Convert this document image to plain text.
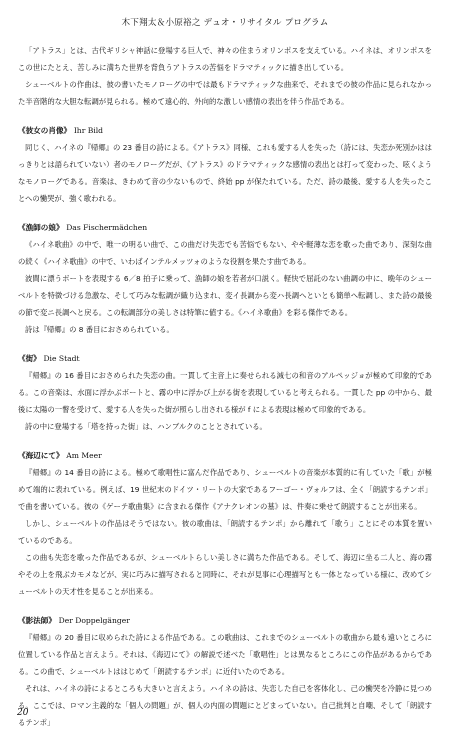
木下翔太＆小原裕之 デュオ・リサイタル プログラム

「アトラス」とは、古代ギリシャ神話に登場する巨人で、神々の住まうオリンポスを支えている。ハイネは、オリンポスをこの世にたとえ、苦しみに満ちた世界を背負うアトラスの苦悩をドラマティックに描き出している。

シューベルトの作曲は、彼の書いたモノローグの中では最もドラマティックな曲来で、それまでの彼の作品に見られなかった半音階的な大胆な転調が見られる。極めて遠心的、外向的な激しい感情の表出を伴う作品である。

《彼女の肖像》 Ihr Bild

同じく、ハイネの『帰郷』の 23 番目の詩による。《アトラス》同様、これも愛する人を失った（詩には、失恋か死別かははっきりとは語られていない）者のモノローグだが、《アトラス》のドラマティックな感情の表出とは打って変わった、呟くようなモノローグである。音楽は、きわめて音の少ないもので、終始 pp が保たれている。ただ、詩の最後、愛する人を失ったことへの慟哭が、強く歌われる。

《漁師の娘》 Das Fischermädchen

《ハイネ歌曲》の中で、唯一の明るい曲で、この曲だけ失恋でも苦悩でもない、やや軽薄な恋を歌った曲であり、深刻な曲の続く《ハイネ歌曲》の中で、いわばインテルメッツォのような役割を果たす曲である。

波間に漂うボートを表現する 6／8 拍子に乗って、漁師の娘を若者が口説く。軽快で屈託のない曲調の中に、晩年のシューベルトを特徴づける急激な、そして巧みな転調が織り込まれ、変イ長調から変ハ長調へといとも簡単へ転調し、また詩の最後の節で変ニ長調へと戻る。この転調部分の美しさは特筆に値する。《ハイネ歌曲》を彩る傑作である。

詩は『帰郷』の 8 番目におさめられている。

《街》 Die Stadt

『帰郷』の 16 番目におさめられた失恋の曲。一貫して主音上に奏せられる減七の和音のアルペッジョが極めて印象的である。この音楽は、水面に浮かぶボートと、霧の中に浮かび上がる街を表現していると考えられる。一貫した pp の中から、最後に太陽の一瞥を受けて、愛する人を失った街が照らし出される様が f による表現は極めて印象的である。

詩の中に登場する「塔を持った街」は、ハンブルクのこととされている。

《海辺にて》 Am Meer

『帰郷』の 14 番目の詩による。極めて歌唱性に富んだ作品であり、シューベルトの音楽が本質的に有していた「歌」が極めて端的に表れている。例えば、19 世紀末のドイツ・リートの大家であるフーゴー・ヴォルフは、全く「朗読するテンポ」で曲を書いている。彼の《ゲーテ歌曲集》に含まれる傑作《アナクレオンの墓》は、件奏に乗せて朗読することが出来る。

しかし、シューベルトの作品はそうではない。彼の歌曲は、「朗読するテンポ」から離れて「歌う」ことにその本質を置いているのである。

この曲も失恋を歌った作品であるが、シューベルトらしい美しさに満ちた作品である。そして、海辺に坐る二人と、海の霧やその上を飛ぶカモメなどが、実に巧みに描写されると同時に、それが見事に心理描写とも一体となっている様に、改めてシューベルトの天才性を見ることが出来る。

《影法師》 Der Doppelgänger

『帰郷』の 20 番目に収められた詩による作品である。この歌曲は、これまでのシューベルトの歌曲から最も遠いところに位置している作品と言えよう。それは、《海辺にて》の解説で述べた「歌唱性」とは異なるところにこの作品があるからである。この曲で、シューベルトははじめて「朗読するテンポ」に近付いたのである。

それは、ハイネの詩によるところも大きいと言えよう。ハイネの詩は、失恋した自己を客体化し、己の慟哭を冷静に見つめる。ここでは、ロマン主義的な「個人の問題」が、個人の内面の問題にとどまっていない。自己批判と自嘲、そして「朗読するテンポ」

20
